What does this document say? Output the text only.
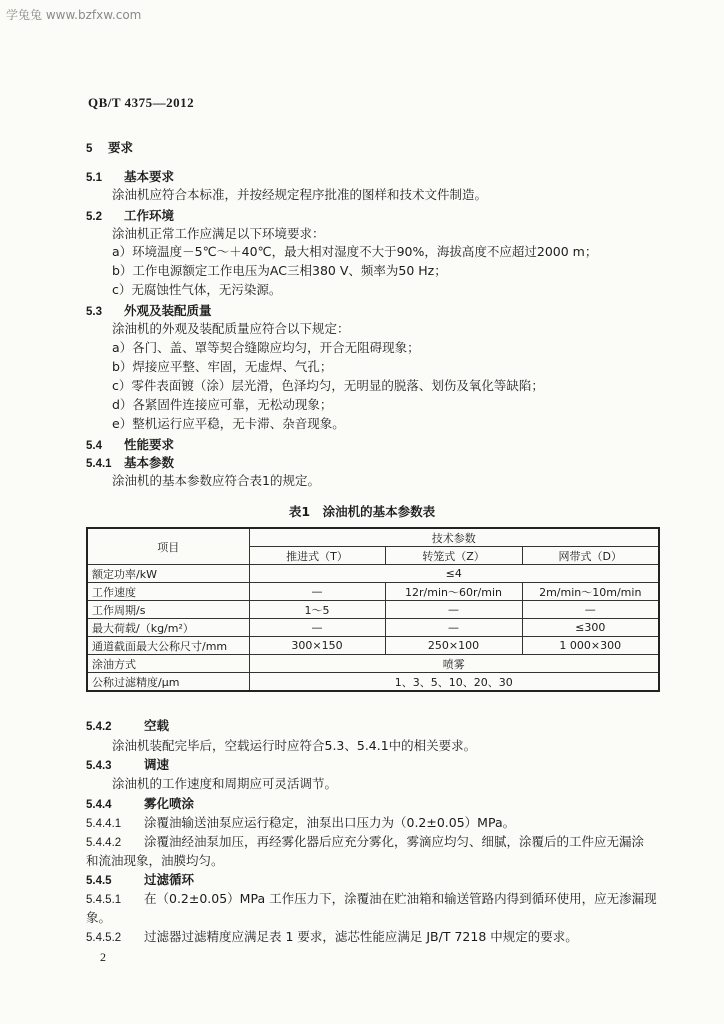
学兔兔 www.bzfxw.com
QB/T 4375—2012
5 要求
5.1 基本要求
涂油机应符合本标准，并按经规定程序批准的图样和技术文件制造。
5.2 工作环境
涂油机正常工作应满足以下环境要求：
a）环境温度－5℃～＋40℃，最大相对湿度不大于90%，海拔高度不应超过2000 m；
b）工作电源额定工作电压为AC三相380 V、频率为50 Hz；
c）无腐蚀性气体，无污染源。
5.3 外观及装配质量
涂油机的外观及装配质量应符合以下规定：
a）各门、盖、罩等契合缝隙应均匀，开合无阻碍现象；
b）焊接应平整、牢固，无虚焊、气孔；
c）零件表面镀（涂）层光滑，色泽均匀，无明显的脱落、划伤及氧化等缺陷；
d）各紧固件连接应可靠，无松动现象；
e）整机运行应平稳，无卡滞、杂音现象。
5.4 性能要求
5.4.1 基本参数
涂油机的基本参数应符合表1的规定。
表1　涂油机的基本参数表
项目	技术参数		
	推进式（T）	转笼式（Z）	网带式（D）
额定功率/kW	≤4		
工作速度	—	12r/min～60r/min	2m/min～10m/min
工作周期/s	1～5	—	—
最大荷载/（kg/m²）	—	—	≤300
通道截面最大公称尺寸/mm	300×150	250×100	1 000×300
涂油方式	喷雾		
公称过滤精度/μm	1、3、5、10、20、30		
5.4.2	空载
涂油机装配完毕后，空载运行时应符合5.3、5.4.1中的相关要求。
5.4.3	调速
涂油机的工作速度和周期应可灵活调节。
5.4.4	雾化喷涂
5.4.4.1 涂覆油输送油泵应运行稳定，油泵出口压力为（0.2±0.05）MPa。
5.4.4.2 涂覆油经油泵加压，再经雾化器后应充分雾化，雾滴应均匀、细腻，涂覆后的工件应无漏涂
和流油现象，油膜均匀。
5.4.5	过滤循环
5.4.5.1 在（0.2±0.05）MPa 工作压力下，涂覆油在贮油箱和输送管路内得到循环使用，应无渗漏现
象。
5.4.5.2 过滤器过滤精度应满足表 1 要求，滤芯性能应满足 JB/T 7218 中规定的要求。
2
